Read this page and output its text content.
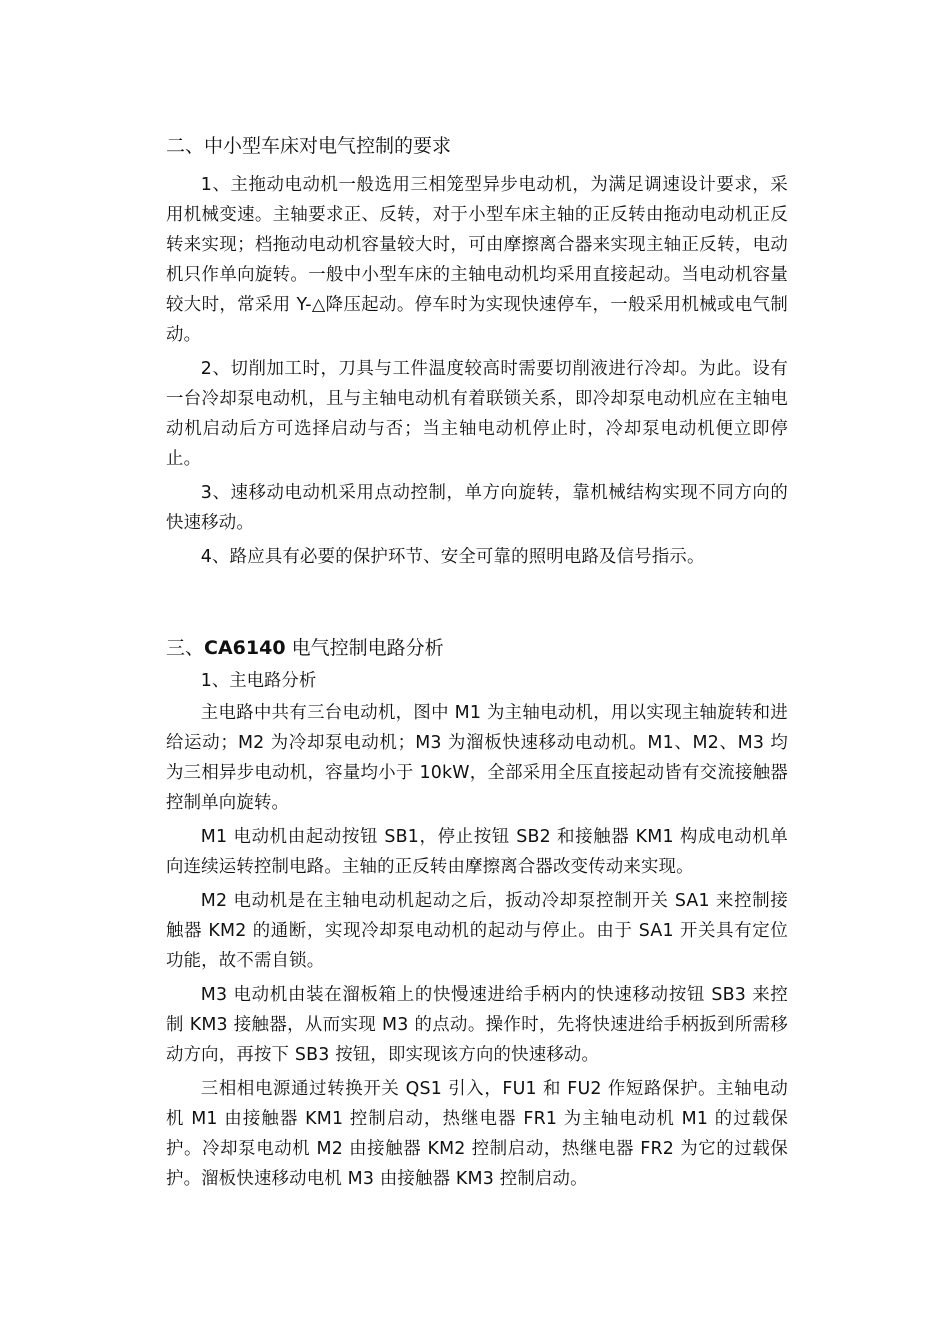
二、中小型车床对电气控制的要求

1、主拖动电动机一般选用三相笼型异步电动机，为满足调速设计要求，采用机械变速。主轴要求正、反转，对于小型车床主轴的正反转由拖动电动机正反转来实现；档拖动电动机容量较大时，可由摩擦离合器来实现主轴正反转，电动机只作单向旋转。一般中小型车床的主轴电动机均采用直接起动。当电动机容量较大时，常采用 Y-△降压起动。停车时为实现快速停车，一般采用机械或电气制动。

2、切削加工时，刀具与工件温度较高时需要切削液进行冷却。为此。设有一台冷却泵电动机，且与主轴电动机有着联锁关系，即冷却泵电动机应在主轴电动机启动后方可选择启动与否；当主轴电动机停止时，冷却泵电动机便立即停止。

3、速移动电动机采用点动控制，单方向旋转，靠机械结构实现不同方向的快速移动。

4、路应具有必要的保护环节、安全可靠的照明电路及信号指示。

三、CA6140 电气控制电路分析

1、主电路分析

主电路中共有三台电动机，图中 M1 为主轴电动机，用以实现主轴旋转和进给运动；M2 为冷却泵电动机；M3 为溜板快速移动电动机。M1、M2、M3 均为三相异步电动机，容量均小于 10kW，全部采用全压直接起动皆有交流接触器控制单向旋转。

M1 电动机由起动按钮 SB1，停止按钮 SB2 和接触器 KM1 构成电动机单向连续运转控制电路。主轴的正反转由摩擦离合器改变传动来实现。

M2 电动机是在主轴电动机起动之后，扳动冷却泵控制开关 SA1 来控制接触器 KM2 的通断，实现冷却泵电动机的起动与停止。由于 SA1 开关具有定位功能，故不需自锁。

M3 电动机由装在溜板箱上的快慢速进给手柄内的快速移动按钮 SB3 来控制 KM3 接触器，从而实现 M3 的点动。操作时，先将快速进给手柄扳到所需移动方向，再按下 SB3 按钮，即实现该方向的快速移动。

三相相电源通过转换开关 QS1 引入，FU1 和 FU2 作短路保护。主轴电动机 M1 由接触器 KM1 控制启动，热继电器 FR1 为主轴电动机 M1 的过载保护。冷却泵电动机 M2 由接触器 KM2 控制启动，热继电器 FR2 为它的过载保护。溜板快速移动电机 M3 由接触器 KM3 控制启动。
